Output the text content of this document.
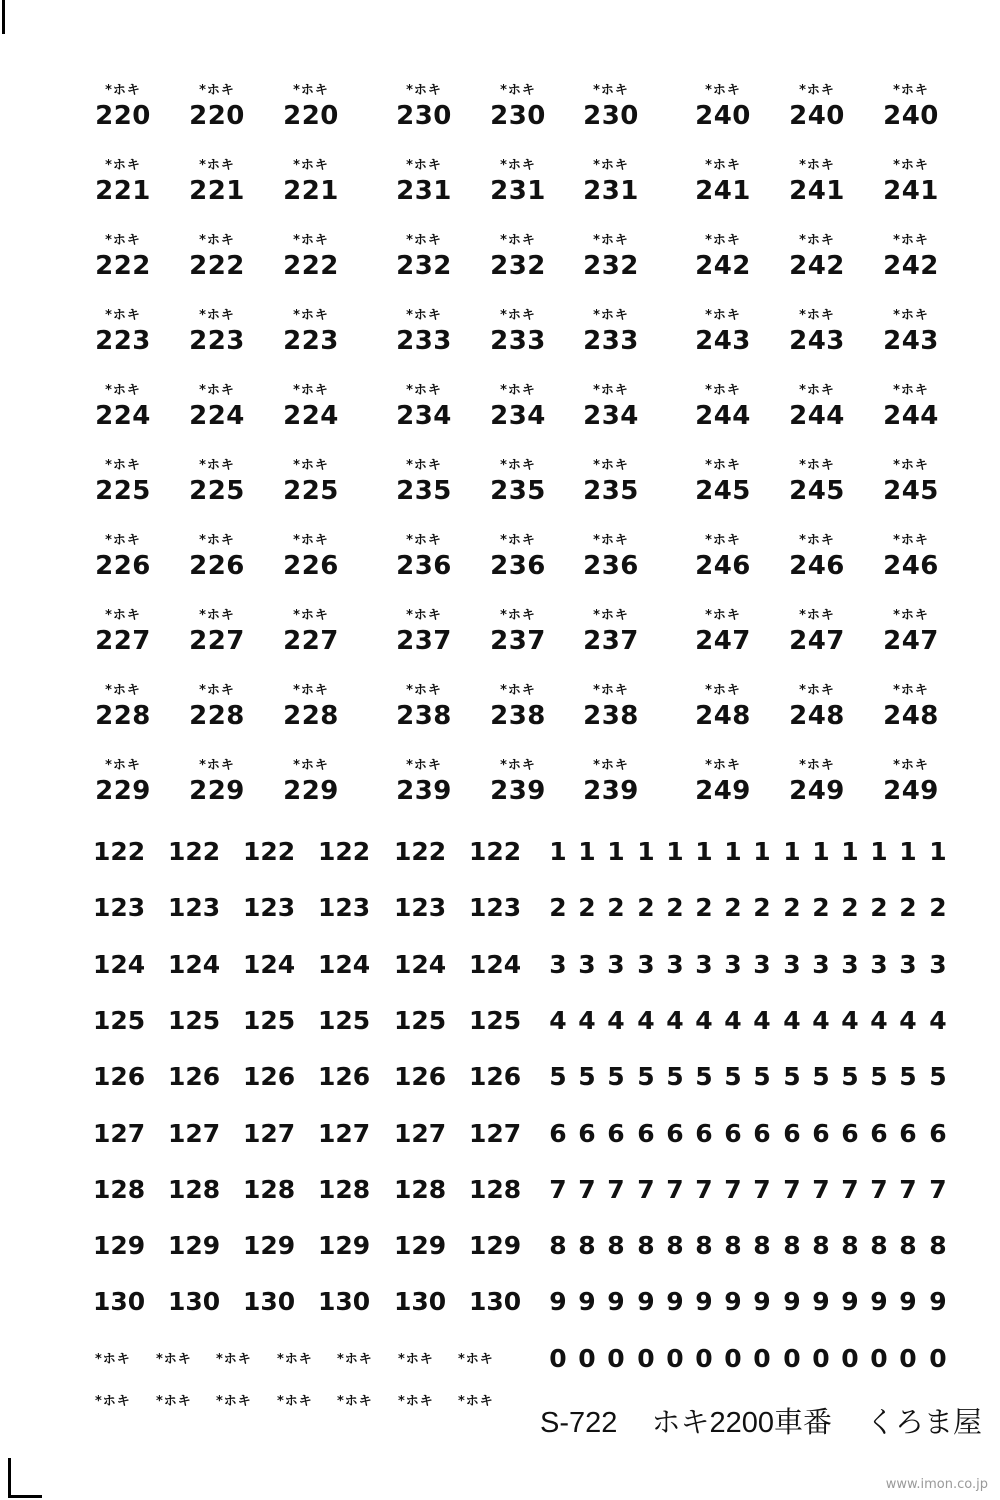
*ホキ
220
*ホキ
220
*ホキ
220
*ホキ
221
*ホキ
221
*ホキ
221
*ホキ
222
*ホキ
222
*ホキ
222
*ホキ
223
*ホキ
223
*ホキ
223
*ホキ
224
*ホキ
224
*ホキ
224
*ホキ
225
*ホキ
225
*ホキ
225
*ホキ
226
*ホキ
226
*ホキ
226
*ホキ
227
*ホキ
227
*ホキ
227
*ホキ
228
*ホキ
228
*ホキ
228
*ホキ
229
*ホキ
229
*ホキ
229
*ホキ
230
*ホキ
230
*ホキ
230
*ホキ
231
*ホキ
231
*ホキ
231
*ホキ
232
*ホキ
232
*ホキ
232
*ホキ
233
*ホキ
233
*ホキ
233
*ホキ
234
*ホキ
234
*ホキ
234
*ホキ
235
*ホキ
235
*ホキ
235
*ホキ
236
*ホキ
236
*ホキ
236
*ホキ
237
*ホキ
237
*ホキ
237
*ホキ
238
*ホキ
238
*ホキ
238
*ホキ
239
*ホキ
239
*ホキ
239
*ホキ
240
*ホキ
240
*ホキ
240
*ホキ
241
*ホキ
241
*ホキ
241
*ホキ
242
*ホキ
242
*ホキ
242
*ホキ
243
*ホキ
243
*ホキ
243
*ホキ
244
*ホキ
244
*ホキ
244
*ホキ
245
*ホキ
245
*ホキ
245
*ホキ
246
*ホキ
246
*ホキ
246
*ホキ
247
*ホキ
247
*ホキ
247
*ホキ
248
*ホキ
248
*ホキ
248
*ホキ
249
*ホキ
249
*ホキ
249
122 122 122 122 122 122
123 123 123 123 123 123
124 124 124 124 124 124
125 125 125 125 125 125
126 126 126 126 126 126
127 127 127 127 127 127
128 128 128 128 128 128
129 129 129 129 129 129
130 130 130 130 130 130
1 1 1 1 1 1 1 1 1 1 1 1 1 1
2 2 2 2 2 2 2 2 2 2 2 2 2 2
3 3 3 3 3 3 3 3 3 3 3 3 3 3
4 4 4 4 4 4 4 4 4 4 4 4 4 4
5 5 5 5 5 5 5 5 5 5 5 5 5 5
6 6 6 6 6 6 6 6 6 6 6 6 6 6
7 7 7 7 7 7 7 7 7 7 7 7 7 7
8 8 8 8 8 8 8 8 8 8 8 8 8 8
9 9 9 9 9 9 9 9 9 9 9 9 9 9
0 0 0 0 0 0 0 0 0 0 0 0 0 0
*ホキ *ホキ *ホキ *ホキ *ホキ *ホキ *ホキ
*ホキ *ホキ *ホキ *ホキ *ホキ *ホキ *ホキ
S-722 ホキ2200車番 くろま屋
www.imon.co.jp
